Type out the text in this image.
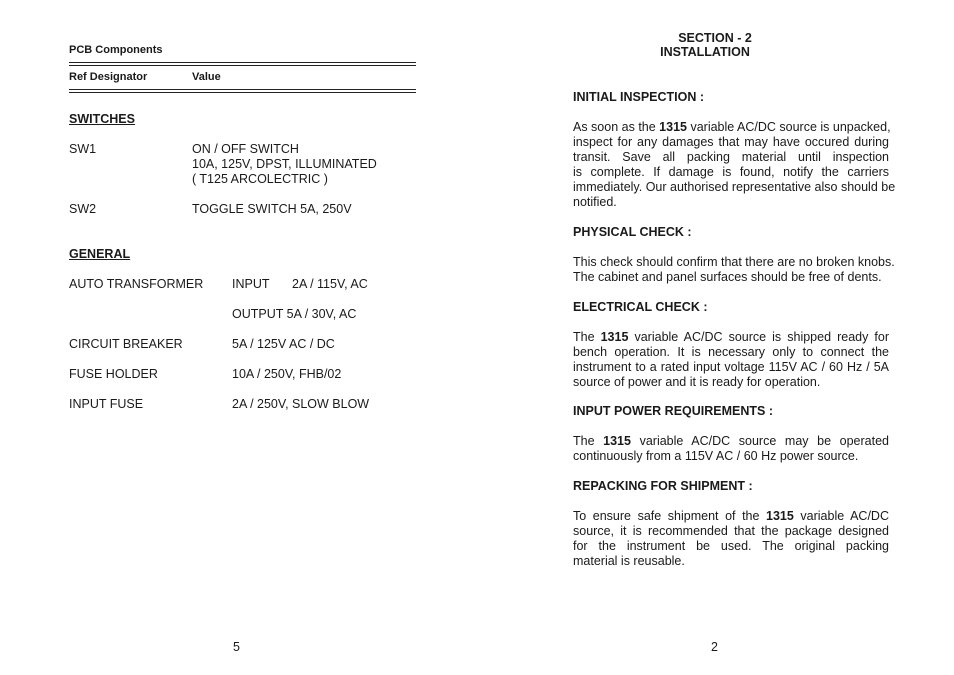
PCB Components
Ref Designator	Value
SWITCHES
SW1	ON / OFF SWITCH
10A, 125V, DPST, ILLUMINATED
( T125 ARCOLECTRIC )
SW2	TOGGLE SWITCH 5A, 250V
GENERAL
AUTO TRANSFORMER INPUT 2A / 115V, AC
OUTPUT 5A / 30V, AC
CIRCUIT BREAKER	5A / 125V AC / DC
FUSE HOLDER	10A / 250V, FHB/02
INPUT FUSE	2A / 250V, SLOW BLOW
5
SECTION - 2
INSTALLATION
INITIAL INSPECTION :
As soon as the 1315 variable AC/DC source is unpacked,
inspect for any damages that may have occured during
transit. Save all packing material until inspection
is complete. If damage is found, notify the carriers
immediately. Our authorised representative also should be
notified.
PHYSICAL CHECK :
This check should confirm that there are no broken knobs.
The cabinet and panel surfaces should be free of dents.
ELECTRICAL CHECK :
The 1315 variable AC/DC source is shipped ready for
bench operation. It is necessary only to connect the
instrument to a rated input voltage 115V AC / 60 Hz / 5A
source of power and it is ready for operation.
INPUT POWER REQUIREMENTS :
The 1315 variable AC/DC source may be operated
continuously from a 115V AC / 60 Hz power source.
REPACKING FOR SHIPMENT :
To ensure safe shipment of the 1315 variable AC/DC
source, it is recommended that the package designed
for the instrument be used. The original packing
material is reusable.
2
